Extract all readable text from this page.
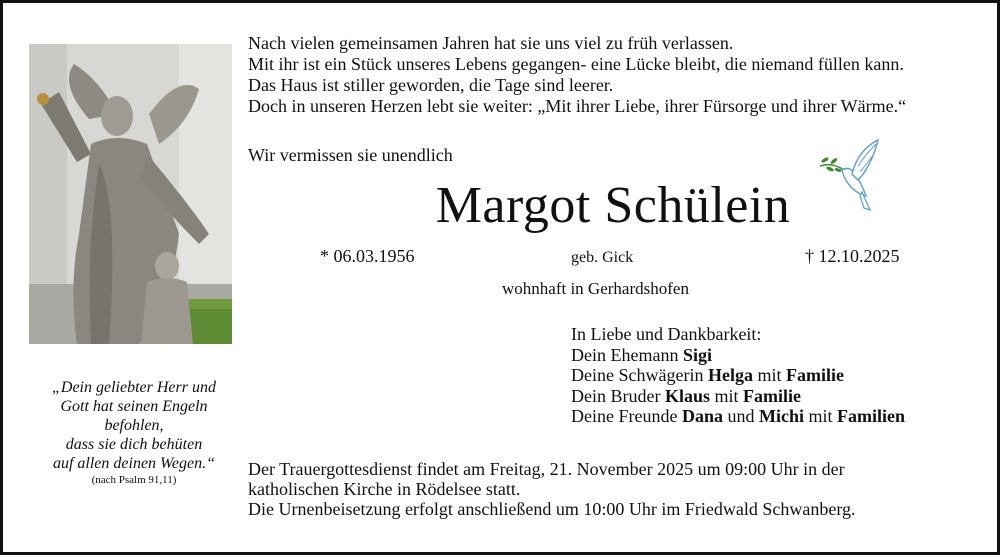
„Dein geliebter Herr und
Gott hat seinen Engeln
befohlen,
dass sie dich behüten
auf allen deinen Wegen.“
(nach Psalm 91,11)
Nach vielen gemeinsamen Jahren hat sie uns viel zu früh verlassen.
Mit ihr ist ein Stück unseres Lebens gegangen- eine Lücke bleibt, die niemand füllen kann.
Das Haus ist stiller geworden, die Tage sind leerer.
Doch in unseren Herzen lebt sie weiter: „Mit ihrer Liebe, ihrer Fürsorge und ihrer Wärme.“
Wir vermissen sie unendlich
Margot Schülein
* 06.03.1956	geb. Gick	† 12.10.2025
wohnhaft in Gerhardshofen
In Liebe und Dankbarkeit:
Dein Ehemann Sigi
Deine Schwägerin Helga mit Familie
Dein Bruder Klaus mit Familie
Deine Freunde Dana und Michi mit Familien
Der Trauergottesdienst findet am Freitag, 21. November 2025 um 09:00 Uhr in der
katholischen Kirche in Rödelsee statt.
Die Urnenbeisetzung erfolgt anschließend um 10:00 Uhr im Friedwald Schwanberg.
